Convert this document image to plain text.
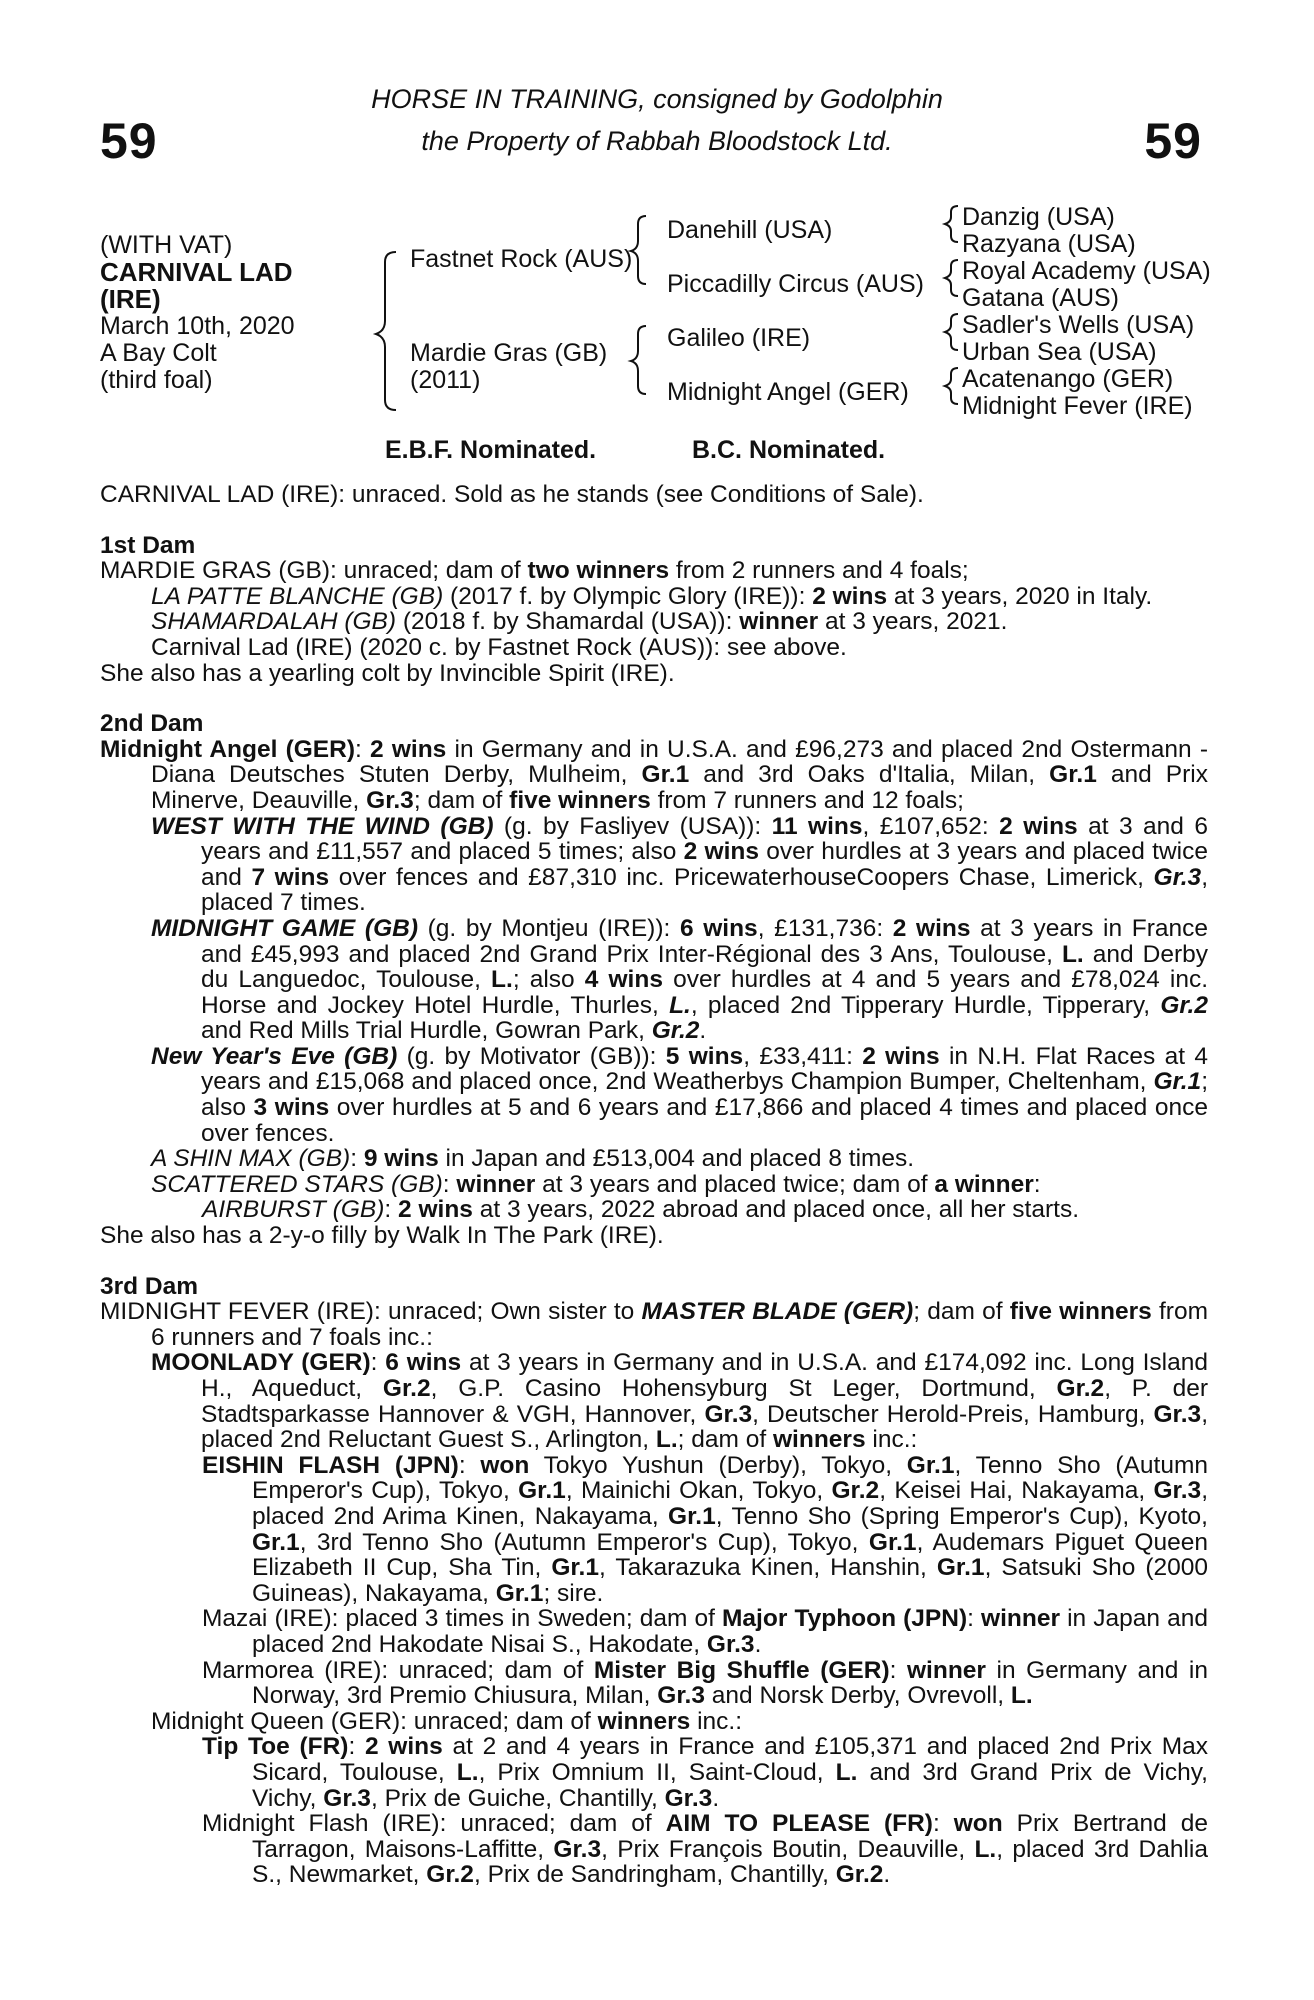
59	59
HORSE IN TRAINING, consigned by Godolphin
the Property of Rabbah Bloodstock Ltd.
(WITH VAT)
CARNIVAL LAD
(IRE)
March 10th, 2020
A Bay Colt
(third foal)
Fastnet Rock (AUS)
Mardie Gras (GB)
(2011)
Danehill (USA)
Piccadilly Circus (AUS)
Galileo (IRE)
Midnight Angel (GER)
Danzig (USA)
Razyana (USA)
Royal Academy (USA)
Gatana (AUS)
Sadler's Wells (USA)
Urban Sea (USA)
Acatenango (GER)
Midnight Fever (IRE)
E.B.F. Nominated.	B.C. Nominated.

CARNIVAL LAD (IRE): unraced. Sold as he stands (see Conditions of Sale).

1st Dam

MARDIE GRAS (GB): unraced; dam of two winners from 2 runners and 4 foals;

LA PATTE BLANCHE (GB) (2017 f. by Olympic Glory (IRE)): 2 wins at 3 years, 2020 in Italy.

SHAMARDALAH (GB) (2018 f. by Shamardal (USA)): winner at 3 years, 2021.

Carnival Lad (IRE) (2020 c. by Fastnet Rock (AUS)): see above.

She also has a yearling colt by Invincible Spirit (IRE).

2nd Dam

Midnight Angel (GER): 2 wins in Germany and in U.S.A. and £96,273 and placed 2nd Ostermann - Diana Deutsches Stuten Derby, Mulheim, Gr.1 and 3rd Oaks d'Italia, Milan, Gr.1 and Prix Minerve, Deauville, Gr.3; dam of five winners from 7 runners and 12 foals;

WEST WITH THE WIND (GB) (g. by Fasliyev (USA)): 11 wins, £107,652: 2 wins at 3 and 6 years and £11,557 and placed 5 times; also 2 wins over hurdles at 3 years and placed twice and 7 wins over fences and £87,310 inc. PricewaterhouseCoopers Chase, Limerick, Gr.3, placed 7 times.

MIDNIGHT GAME (GB) (g. by Montjeu (IRE)): 6 wins, £131,736: 2 wins at 3 years in France and £45,993 and placed 2nd Grand Prix Inter-Régional des 3 Ans, Toulouse, L. and Derby du Languedoc, Toulouse, L.; also 4 wins over hurdles at 4 and 5 years and £78,024 inc. Horse and Jockey Hotel Hurdle, Thurles, L., placed 2nd Tipperary Hurdle, Tipperary, Gr.2 and Red Mills Trial Hurdle, Gowran Park, Gr.2.

New Year's Eve (GB) (g. by Motivator (GB)): 5 wins, £33,411: 2 wins in N.H. Flat Races at 4 years and £15,068 and placed once, 2nd Weatherbys Champion Bumper, Cheltenham, Gr.1; also 3 wins over hurdles at 5 and 6 years and £17,866 and placed 4 times and placed once over fences.

A SHIN MAX (GB): 9 wins in Japan and £513,004 and placed 8 times.

SCATTERED STARS (GB): winner at 3 years and placed twice; dam of a winner:

AIRBURST (GB): 2 wins at 3 years, 2022 abroad and placed once, all her starts.

She also has a 2-y-o filly by Walk In The Park (IRE).

3rd Dam

MIDNIGHT FEVER (IRE): unraced; Own sister to MASTER BLADE (GER); dam of five winners from 6 runners and 7 foals inc.:

MOONLADY (GER): 6 wins at 3 years in Germany and in U.S.A. and £174,092 inc. Long Island H., Aqueduct, Gr.2, G.P. Casino Hohensyburg St Leger, Dortmund, Gr.2, P. der Stadtsparkasse Hannover & VGH, Hannover, Gr.3, Deutscher Herold-Preis, Hamburg, Gr.3, placed 2nd Reluctant Guest S., Arlington, L.; dam of winners inc.:

EISHIN FLASH (JPN): won Tokyo Yushun (Derby), Tokyo, Gr.1, Tenno Sho (Autumn Emperor's Cup), Tokyo, Gr.1, Mainichi Okan, Tokyo, Gr.2, Keisei Hai, Nakayama, Gr.3, placed 2nd Arima Kinen, Nakayama, Gr.1, Tenno Sho (Spring Emperor's Cup), Kyoto, Gr.1, 3rd Tenno Sho (Autumn Emperor's Cup), Tokyo, Gr.1, Audemars Piguet Queen Elizabeth II Cup, Sha Tin, Gr.1, Takarazuka Kinen, Hanshin, Gr.1, Satsuki Sho (2000 Guineas), Nakayama, Gr.1; sire.

Mazai (IRE): placed 3 times in Sweden; dam of Major Typhoon (JPN): winner in Japan and placed 2nd Hakodate Nisai S., Hakodate, Gr.3.

Marmorea (IRE): unraced; dam of Mister Big Shuffle (GER): winner in Germany and in Norway, 3rd Premio Chiusura, Milan, Gr.3 and Norsk Derby, Ovrevoll, L.

Midnight Queen (GER): unraced; dam of winners inc.:

Tip Toe (FR): 2 wins at 2 and 4 years in France and £105,371 and placed 2nd Prix Max Sicard, Toulouse, L., Prix Omnium II, Saint-Cloud, L. and 3rd Grand Prix de Vichy, Vichy, Gr.3, Prix de Guiche, Chantilly, Gr.3.

Midnight Flash (IRE): unraced; dam of AIM TO PLEASE (FR): won Prix Bertrand de Tarragon, Maisons-Laffitte, Gr.3, Prix François Boutin, Deauville, L., placed 3rd Dahlia S., Newmarket, Gr.2, Prix de Sandringham, Chantilly, Gr.2.
